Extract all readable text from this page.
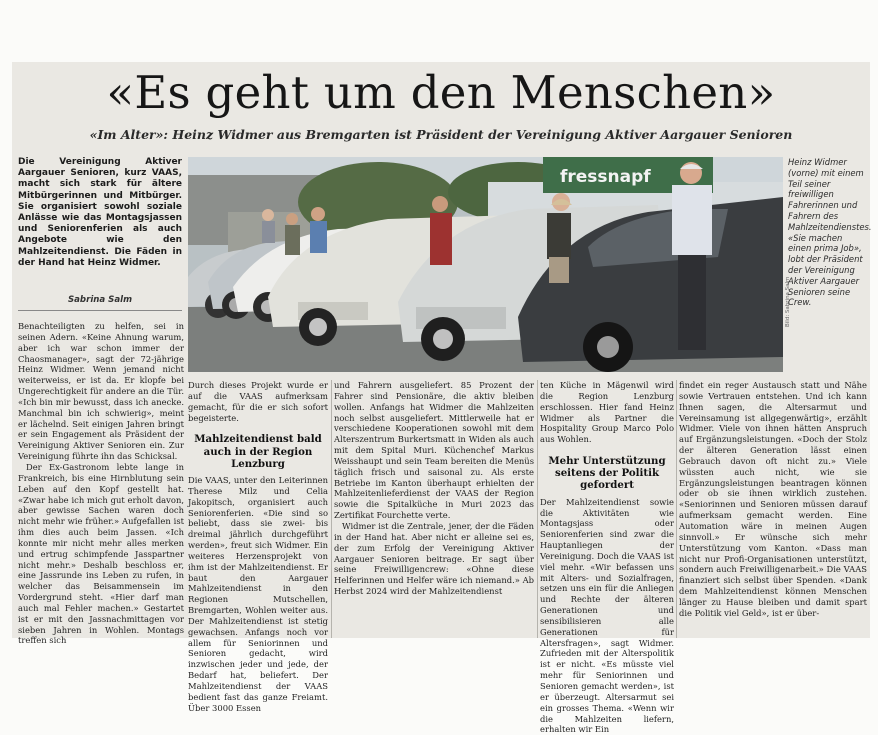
«Es geht um den Menschen»
«Im Alter»: Heinz Widmer aus Bremgarten ist Präsident der Vereinigung Aktiver Aargauer Senioren
Die Vereinigung Aktiver Aargauer Senioren, kurz VAAS, macht sich stark für ältere Mitbürgerinnen und Mitbürger. Sie organisiert sowohl soziale Anlässe wie das Montagsjassen und Seniorenferien als auch Angebote wie den Mahlzeitendienst. Die Fäden in der Hand hat Heinz Widmer.
Sabrina Salm
fressnapf
Bild: Sabrina Salm
Heinz Widmer (vorne) mit einem Teil seiner freiwilligen Fahrerinnen und Fahrern des Mahlzeitendienstes. «Sie machen einen prima Job», lobt der Präsident der Vereinigung Aktiver Aargauer Senioren seine Crew.

Benachteiligten zu helfen, sei in seinen Adern. «Keine Ahnung warum, aber ich war schon immer der Chaosmanager», sagt der 72-jährige Heinz Widmer. Wenn jemand nicht weiterweiss, er ist da. Er klopfe bei Ungerechtigkeit für andere an die Tür. «Ich bin mir bewusst, dass ich anecke. Manchmal bin ich schwierig», meint er lächelnd. Seit einigen Jahren bringt er sein Engagement als Präsident der Vereinigung Aktiver Senioren ein. Zur Vereinigung führte ihn das Schicksal.

Der Ex-Gastronom lebte lange in Frankreich, bis eine Hirnblutung sein Leben auf den Kopf gestellt hat. «Zwar habe ich mich gut erholt davon, aber gewisse Sachen waren doch nicht mehr wie früher.» Aufgefallen ist ihm dies auch beim Jassen. «Ich konnte mir nicht mehr alles merken und ertrug schimpfende Jasspartner nicht mehr.» Deshalb beschloss er, eine Jassrunde ins Leben zu rufen, in welcher das Beisammensein im Vordergrund steht. «Hier darf man auch mal Fehler machen.» Gestartet ist er mit den Jassnachmittagen vor sieben Jahren in Wohlen. Montags treffen sich

Durch dieses Projekt wurde er auf die VAAS aufmerksam gemacht, für die er sich sofort begeisterte.

Mahlzeitendienst bald auch in der Region Lenzburg

Die VAAS, unter den Leiterinnen Therese Milz und Celia Jakopitsch, organisiert auch Seniorenferien. «Die sind so beliebt, dass sie zwei- bis dreimal jährlich durchgeführt werden», freut sich Widmer. Ein weiteres Herzensprojekt von ihm ist der Mahlzeitendienst. Er baut den Aargauer Mahlzeitendienst in den Regionen Mutschellen, Bremgarten, Wohlen weiter aus. Der Mahlzeitendienst ist stetig gewachsen. Anfangs noch vor allem für Seniorinnen und Senioren gedacht, wird inzwischen jeder und jede, der Bedarf hat, beliefert. Der Mahlzeitendienst der VAAS bedient fast das ganze Freiamt. Über 3000 Essen

und Fahrern ausgeliefert. 85 Prozent der Fahrer sind Pensionäre, die aktiv bleiben wollen. Anfangs hat Widmer die Mahlzeiten noch selbst ausgeliefert. Mittlerweile hat er verschiedene Kooperationen sowohl mit dem Alterszentrum Burkertsmatt in Widen als auch mit dem Spital Muri. Küchenchef Markus Weisshaupt und sein Team bereiten die Menüs täglich frisch und saisonal zu. Als erste Betriebe im Kanton überhaupt erhielten der Mahlzeitenlieferdienst der VAAS der Region sowie die Spitalküche in Muri 2023 das Zertifikat Fourchette verte.

Widmer ist die Zentrale, jener, der die Fäden in der Hand hat. Aber nicht er alleine sei es, der zum Erfolg der Vereinigung Aktiver Aargauer Senioren beitrage. Er sagt über seine Freiwilligencrew: «Ohne diese Helferinnen und Helfer wäre ich niemand.» Ab Herbst 2024 wird der Mahlzeitendienst

ten Küche in Mägenwil wird die Region Lenzburg erschlossen. Hier fand Heinz Widmer als Partner die Hospitality Group Marco Polo aus Wohlen.

Mehr Unterstützung seitens der Politik gefordert

Der Mahlzeitendienst sowie die Aktivitäten wie Montagsjass oder Seniorenferien sind zwar die Hauptanliegen der Vereinigung. Doch die VAAS ist viel mehr. «Wir befassen uns mit Alters- und Sozialfragen, setzen uns ein für die Anliegen und Rechte der älteren Generationen und sensibilisieren alle Generationen für Altersfragen», sagt Widmer. Zufrieden mit der Alterspolitik ist er nicht. «Es müsste viel mehr für Seniorinnen und Senioren gemacht werden», ist er überzeugt. Altersarmut sei ein grosses Thema. «Wenn wir die Mahlzeiten liefern, erhalten wir Ein

findet ein reger Austausch statt und Nähe sowie Vertrauen entstehen. Und ich kann Ihnen sagen, die Altersarmut und Vereinsamung ist allgegenwärtig», erzählt Widmer. Viele von ihnen hätten Anspruch auf Ergänzungsleistungen. «Doch der Stolz der älteren Generation lässt einen Gebrauch davon oft nicht zu.» Viele wüssten auch nicht, wie sie Ergänzungsleistungen beantragen können oder ob sie ihnen wirklich zustehen. «Seniorinnen und Senioren müssen darauf aufmerksam gemacht werden. Eine Automation wäre in meinen Augen sinnvoll.» Er wünsche sich mehr Unterstützung vom Kanton. «Dass man nicht nur Profi-Organisationen unterstützt, sondern auch Freiwilligenarbeit.» Die VAAS finanziert sich selbst über Spenden. «Dank dem Mahlzeitendienst können Menschen länger zu Hause bleiben und damit spart die Politik viel Geld», ist er über-
